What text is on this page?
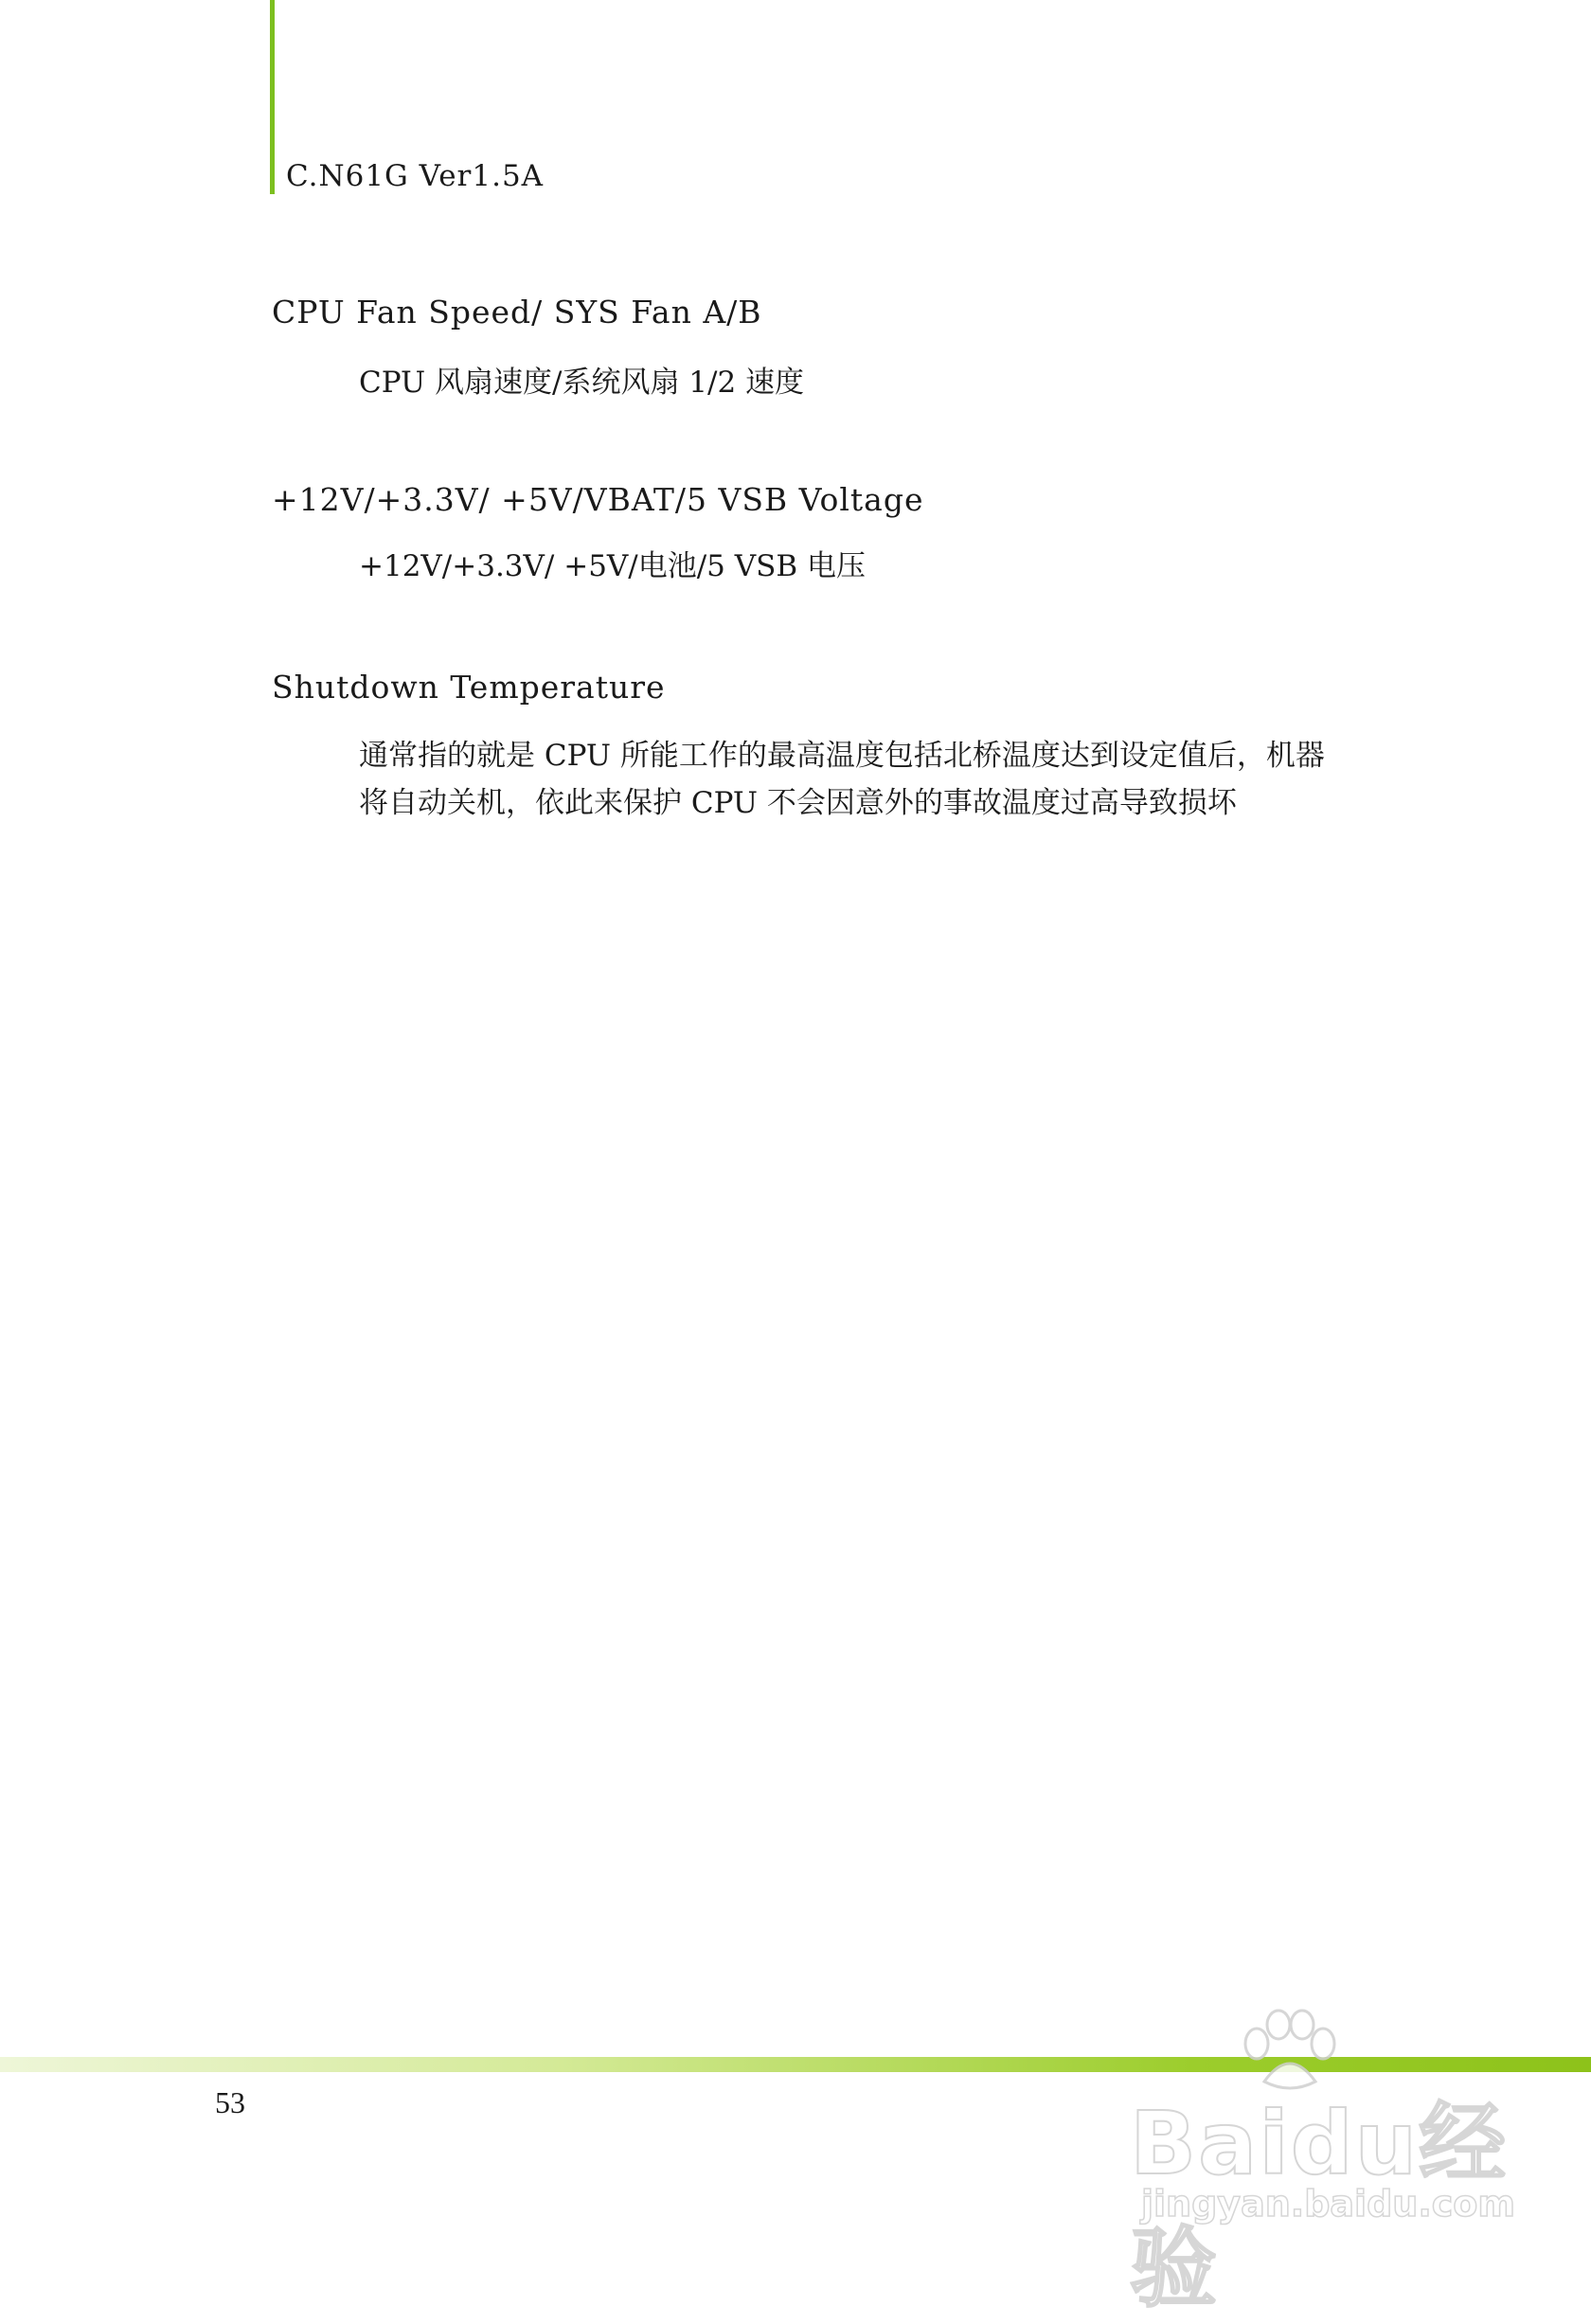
C.N61G Ver1.5A
CPU Fan Speed/ SYS Fan A/B
CPU 风扇速度/系统风扇 1/2 速度
+12V/+3.3V/ +5V/VBAT/5 VSB Voltage
+12V/+3.3V/ +5V/电池/5 VSB 电压
Shutdown Temperature
通常指的就是 CPU 所能工作的最高温度包括北桥温度达到设定值后，机器
将自动关机，依此来保护 CPU 不会因意外的事故温度过高导致损坏
53	Baidu经验
jingyan.baidu.com
